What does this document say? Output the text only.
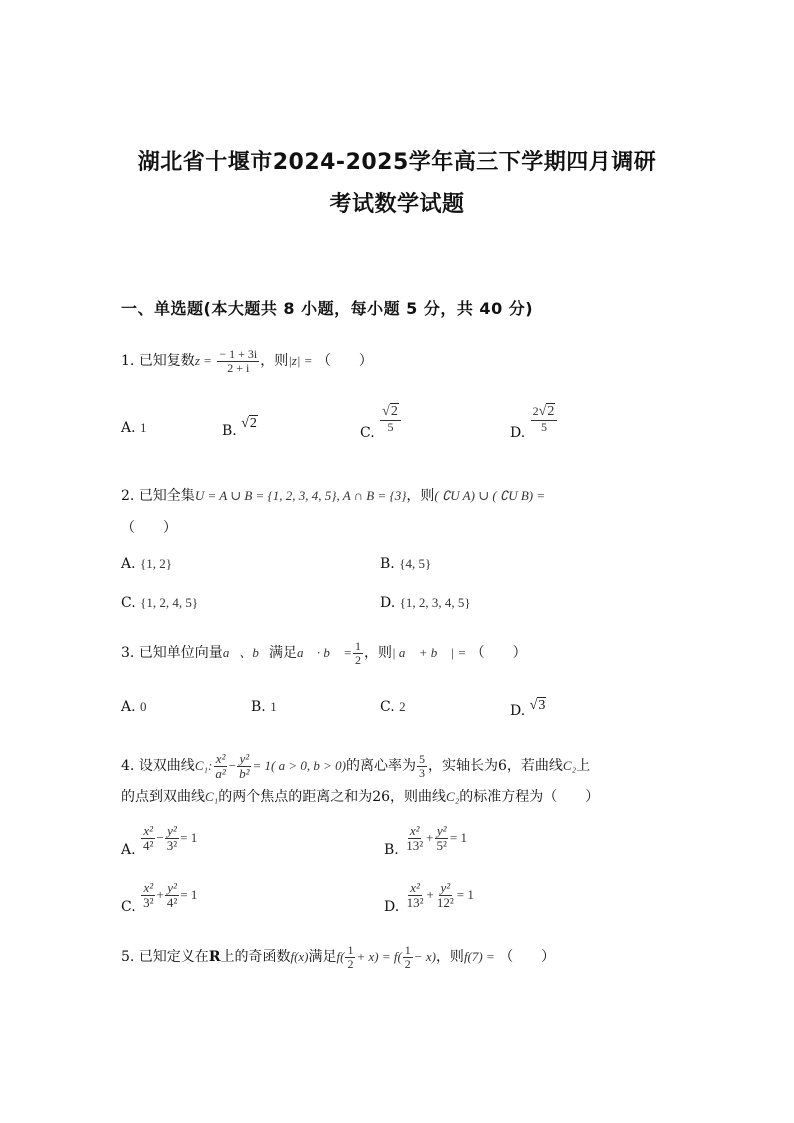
湖北省十堰市2024-2025学年高三下学期四月调研
考试数学试题
一、单选题(本大题共 8 小题，每小题 5 分，共 40 分)
1. 已知复数$z = \frac{- 1 + 3i}{2 + i}$ ，则|z| = （　　）
A. 1	B. √2
C. $\frac{√2}{5}$	D. $\frac{2√2}{5}$
2. 已知全集U = A ∪ B = {1, 2, 3, 4, 5}, A ∩ B = {3}，则( ∁U A) ∪ ( ∁U B) =
（　　）
A. {1, 2}	B. {4, 5}
C. {1, 2, 4, 5}	D. {1, 2, 3, 4, 5}
3. 已知单位向量a⃗、b⃗满足a⃗ · b⃗ = $\frac{1}{2}$ ，则| a⃗ + b⃗ | = （　　）
A. 0	B. 1	C. 2	D. √3
4. 设双曲线C₁: $\frac{\text{x²}}{\text{a²}} - \frac{\text{y²}}{\text{b²}} = 1$( a > 0, b > 0)的离心率为 $\frac{5}{3}$ ，实轴长为6，若曲线C₂上
的点到双曲线C₁的两个焦点的距离之和为26，则曲线C₂的标准方程为（　　）
A. $\frac{\text{x²}}{\text{4²}} - \frac{\text{y²}}{\text{3²}} = 1$
B. $\frac{\text{x²}}{\text{13²}} + \frac{\text{y²}}{\text{5²}} = 1$
C. $\frac{\text{x²}}{\text{3²}} + \frac{\text{y²}}{\text{4²}} = 1$
D. $\frac{\text{x²}}{\text{13²}} + \frac{\text{y²}}{\text{12²}} = 1$
5. 已知定义在R上的奇函数f(x)满足$f( \frac{1}{2} + x) = f( \frac{1}{2} - x)$，则f(7) = （　　）
